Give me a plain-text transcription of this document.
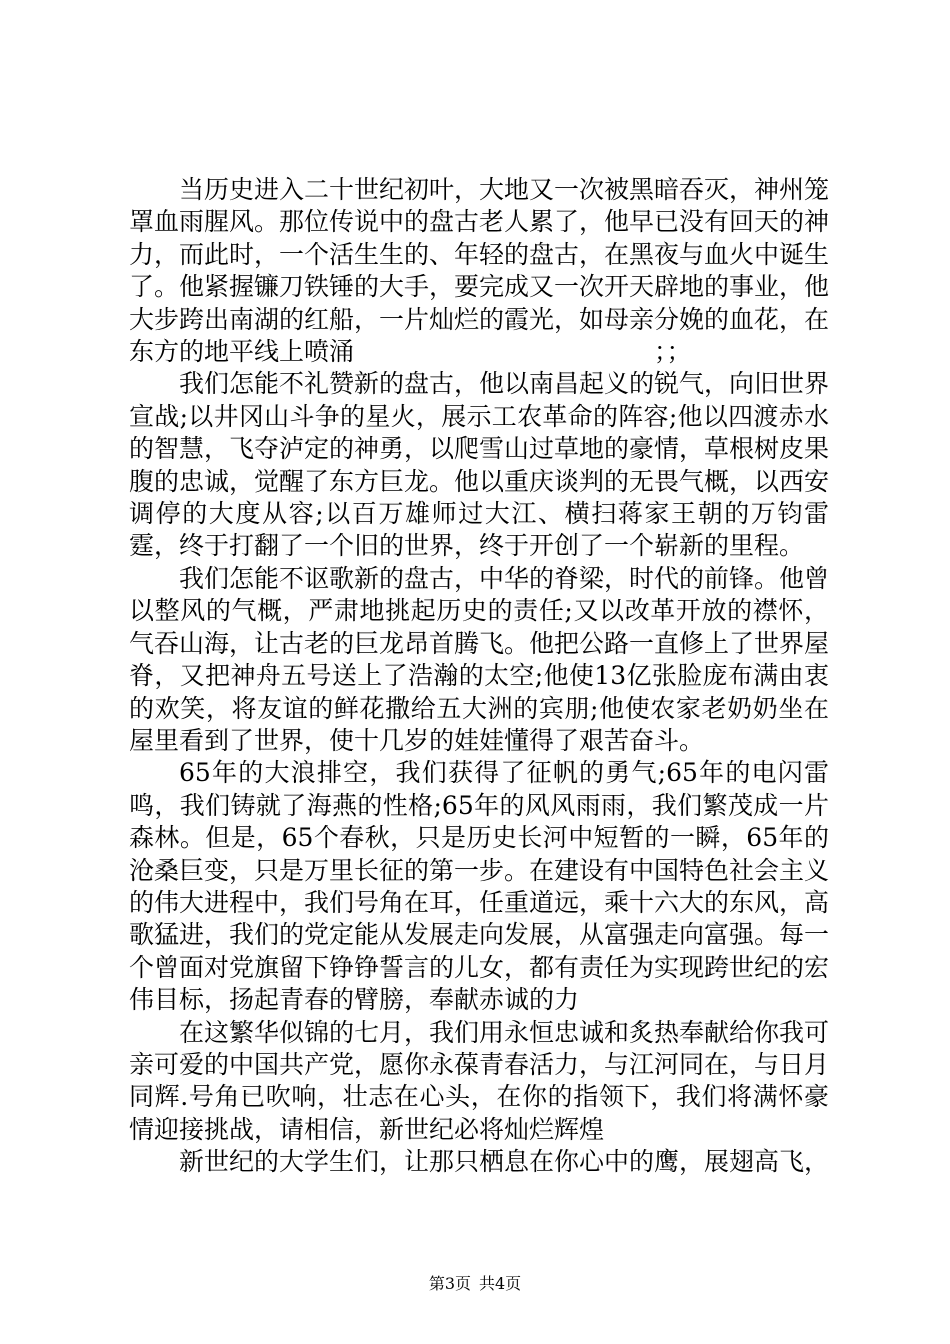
当历史进入二十世纪初叶，大地又一次被黑暗吞灭，神州笼罩血雨腥风。那位传说中的盘古老人累了，他早已没有回天的神力，而此时，一个活生生的、年轻的盘古，在黑夜与血火中诞生了。他紧握镰刀铁锤的大手，要完成又一次开天辟地的事业，他大步跨出南湖的红船，一片灿烂的霞光，如母亲分娩的血花，在东方的地平线上喷涌　　　　　　　　　　　　；；

我们怎能不礼赞新的盘古，他以南昌起义的锐气，向旧世界宣战;以井冈山斗争的星火，展示工农革命的阵容;他以四渡赤水的智慧，飞夺泸定的神勇，以爬雪山过草地的豪情，草根树皮果腹的忠诚，觉醒了东方巨龙。他以重庆谈判的无畏气概，以西安调停的大度从容;以百万雄师过大江、横扫蒋家王朝的万钧雷霆，终于打翻了一个旧的世界，终于开创了一个崭新的里程。

我们怎能不讴歌新的盘古，中华的脊梁，时代的前锋。他曾以整风的气概，严肃地挑起历史的责任;又以改革开放的襟怀，气吞山海，让古老的巨龙昂首腾飞。他把公路一直修上了世界屋脊，又把神舟五号送上了浩瀚的太空;他使13亿张脸庞布满由衷的欢笑，将友谊的鲜花撒给五大洲的宾朋;他使农家老奶奶坐在屋里看到了世界，使十几岁的娃娃懂得了艰苦奋斗。

65年的大浪排空，我们获得了征帆的勇气;65年的电闪雷鸣，我们铸就了海燕的性格;65年的风风雨雨，我们繁茂成一片森林。但是，65个春秋，只是历史长河中短暂的一瞬，65年的沧桑巨变，只是万里长征的第一步。在建设有中国特色社会主义的伟大进程中，我们号角在耳，任重道远，乘十六大的东风，高歌猛进，我们的党定能从发展走向发展，从富强走向富强。每一个曾面对党旗留下铮铮誓言的儿女，都有责任为实现跨世纪的宏伟目标，扬起青春的臂膀，奉献赤诚的力

在这繁华似锦的七月，我们用永恒忠诚和炙热奉献给你我可亲可爱的中国共产党，愿你永葆青春活力，与江河同在，与日月同辉.号角已吹响，壮志在心头，在你的指领下，我们将满怀豪情迎接挑战，请相信，新世纪必将灿烂辉煌

新世纪的大学生们，让那只栖息在你心中的鹰，展翅高飞，

第3页 共4页
